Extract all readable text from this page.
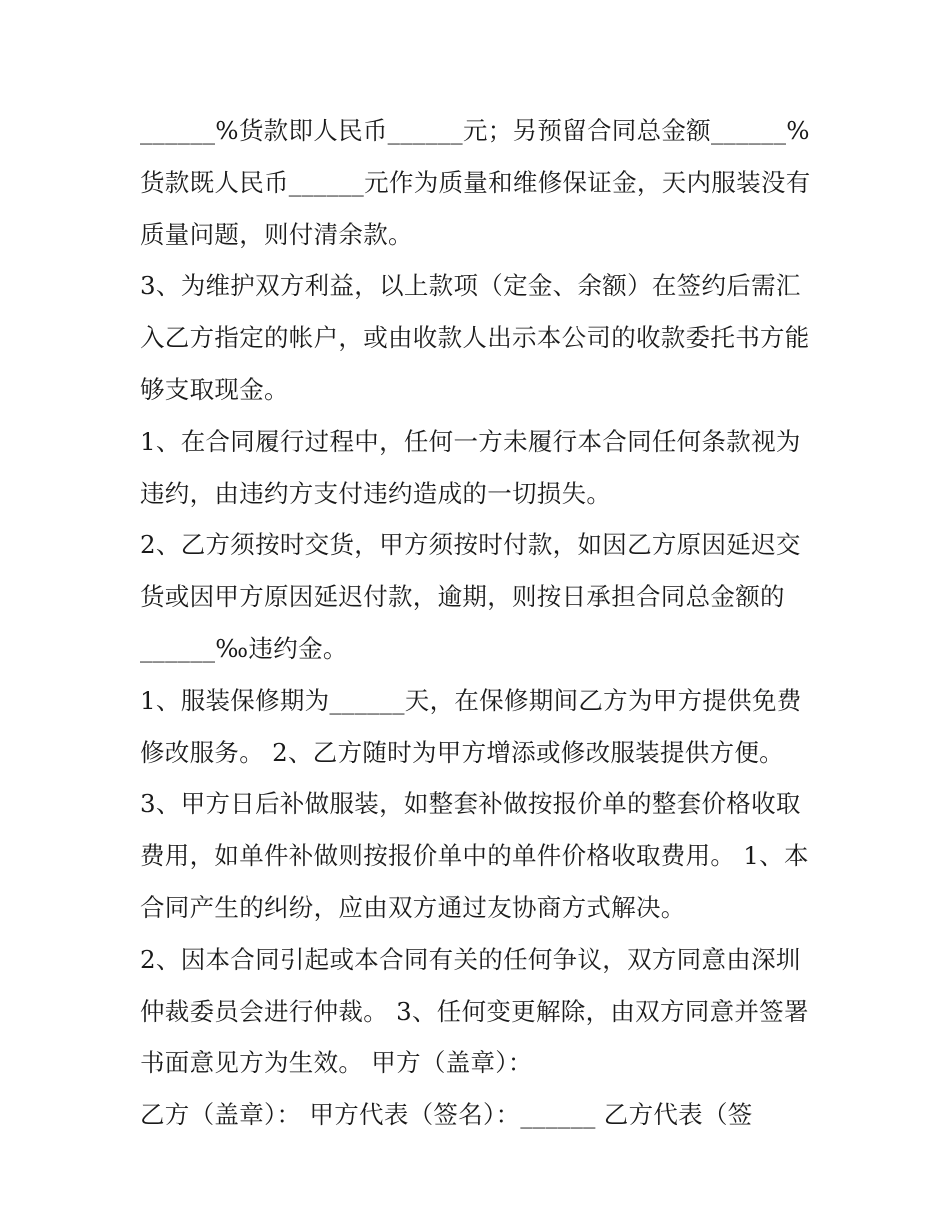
______%货款即人民币______元；另预留合同总金额______%
货款既人民币______元作为质量和维修保证金，天内服装没有
质量问题，则付清余款。
3、为维护双方利益，以上款项（定金、余额）在签约后需汇
入乙方指定的帐户，或由收款人出示本公司的收款委托书方能
够支取现金。
1、在合同履行过程中，任何一方未履行本合同任何条款视为
违约，由违约方支付违约造成的一切损失。
2、乙方须按时交货，甲方须按时付款，如因乙方原因延迟交
货或因甲方原因延迟付款，逾期，则按日承担合同总金额的
______‰违约金。
1、服装保修期为______天，在保修期间乙方为甲方提供免费
修改服务。 2、乙方随时为甲方增添或修改服装提供方便。
3、甲方日后补做服装，如整套补做按报价单的整套价格收取
费用，如单件补做则按报价单中的单件价格收取费用。 1、本
合同产生的纠纷，应由双方通过友协商方式解决。
2、因本合同引起或本合同有关的任何争议，双方同意由深圳
仲裁委员会进行仲裁。 3、任何变更解除，由双方同意并签署
书面意见方为生效。 甲方（盖章）：
乙方（盖章）： 甲方代表（签名）：______ 乙方代表（签
